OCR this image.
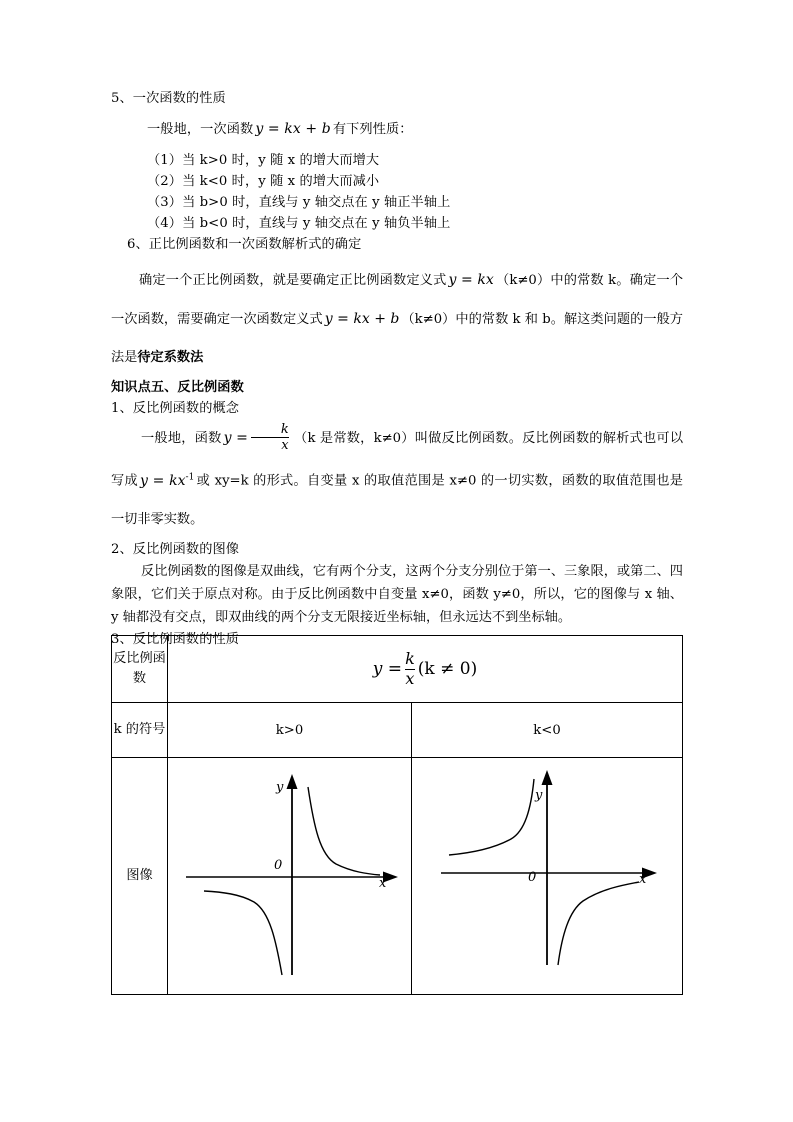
5、一次函数的性质
一般地，一次函数 y = kx + b 有下列性质：
（1）当 k>0 时，y 随 x 的增大而增大
（2）当 k<0 时，y 随 x 的增大而减小
（3）当 b>0 时，直线与 y 轴交点在 y 轴正半轴上
（4）当 b<0 时，直线与 y 轴交点在 y 轴负半轴上
6、正比例函数和一次函数解析式的确定
确定一个正比例函数，就是要确定正比例函数定义式 y = kx （k≠0）中的常数 k。确定一个一次函数，需要确定一次函数定义式 y = kx + b （k≠0）中的常数 k 和 b。解这类问题的一般方法是待定系数法
知识点五、反比例函数
1、反比例函数的概念
一般地，函数 $y = \frac{k}{x} (k$ 是常数，k≠0）叫做反比例函数。反比例函数的解析式也可以写成 $y = kx^{-1}$ 或 xy=k 的形式。自变量 x 的取值范围是 x≠0 的一切实数，函数的取值范围也是一切非零实数。
2、反比例函数的图像
反比例函数的图像是双曲线，它有两个分支，这两个分支分别位于第一、三象限，或第二、四象限，它们关于原点对称。由于反比例函数中自变量 x≠0，函数 y≠0，所以，它的图像与 x 轴、y 轴都没有交点，即双曲线的两个分支无限接近坐标轴，但永远达不到坐标轴。
3、反比例函数的性质
反比例函数	$y = \frac{k}{x} (k \ne 0)$	
k 的符号	k>0	k<0
图像	0
y
x	0
y
x
